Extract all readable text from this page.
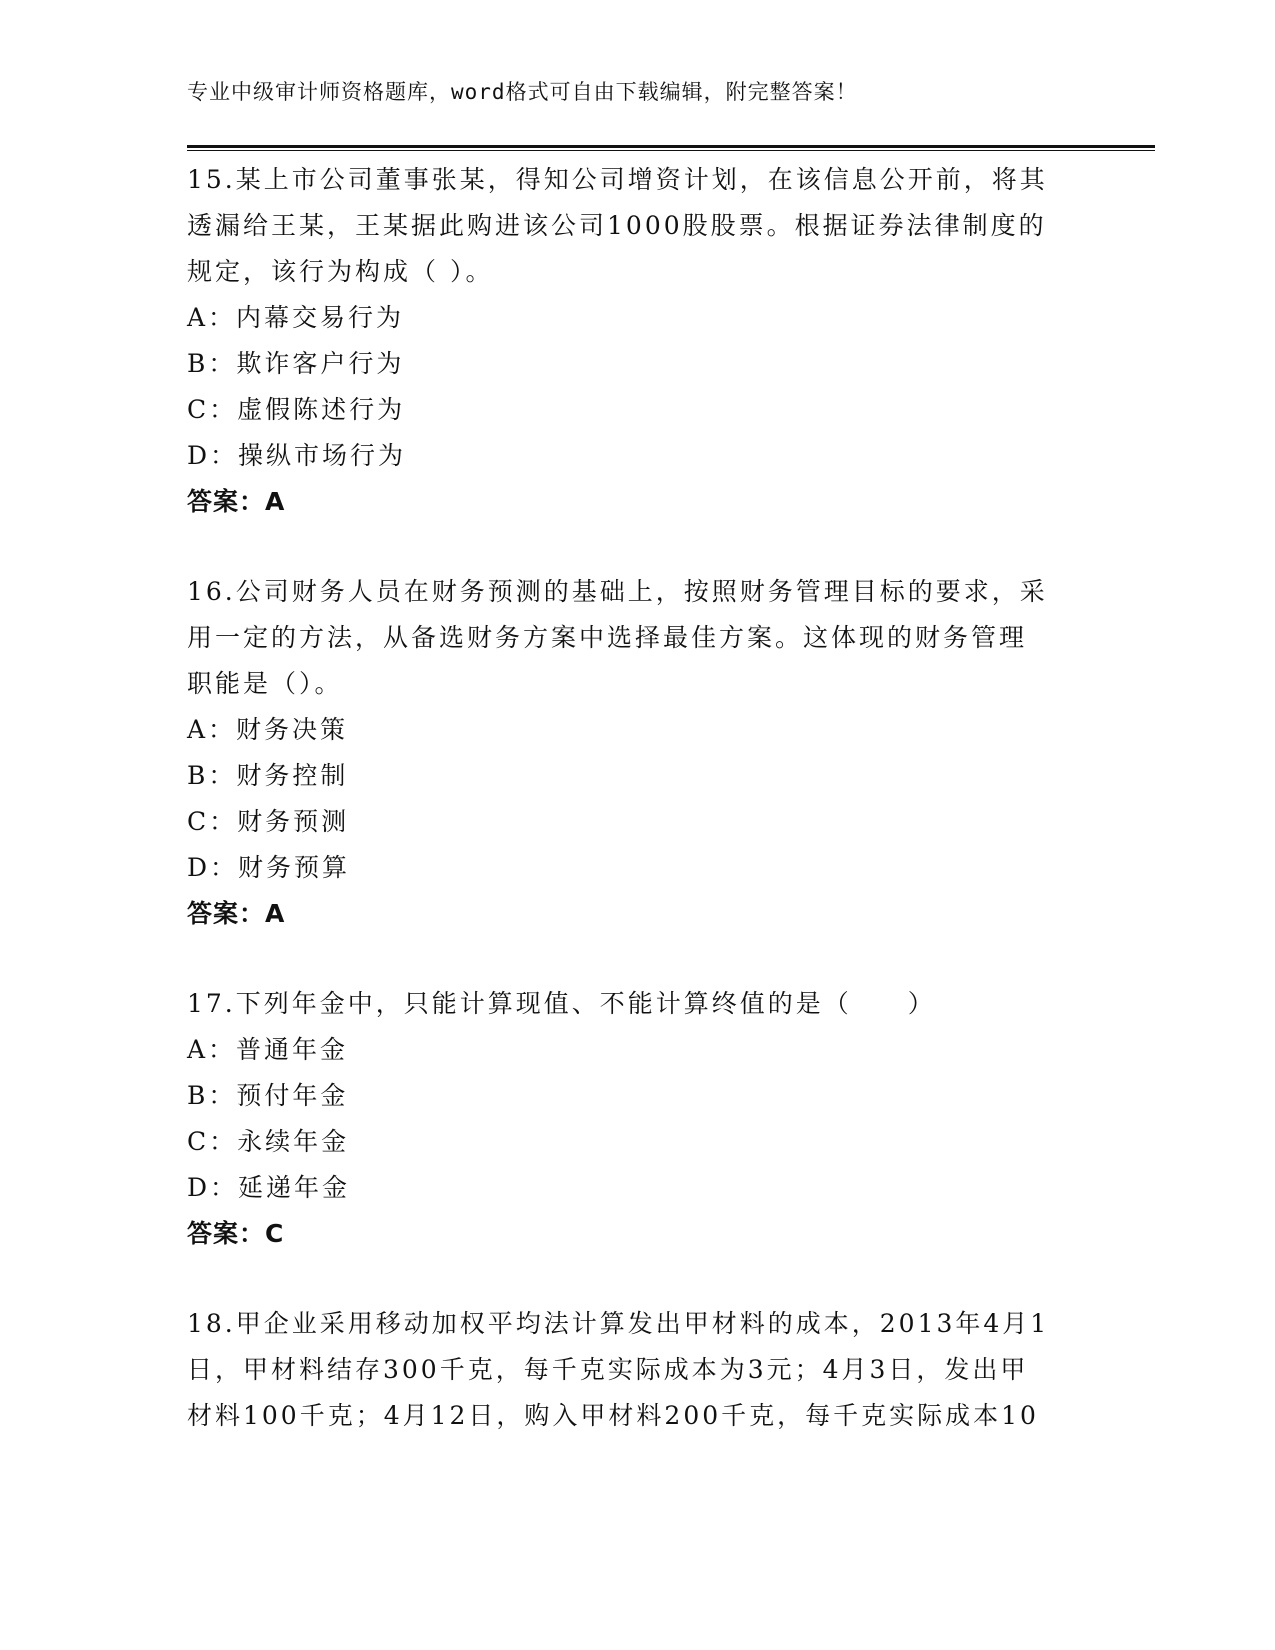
专业中级审计师资格题库，word格式可自由下载编辑，附完整答案！
15.某上市公司董事张某，得知公司增资计划，在该信息公开前，将其
透漏给王某，王某据此购进该公司1000股股票。根据证券法律制度的
规定，该行为构成（ ）。
A：内幕交易行为
B：欺诈客户行为
C：虚假陈述行为
D：操纵市场行为
答案：A
16.公司财务人员在财务预测的基础上，按照财务管理目标的要求，采
用一定的方法，从备选财务方案中选择最佳方案。这体现的财务管理
职能是（）。
A：财务决策
B：财务控制
C：财务预测
D：财务预算
答案：A
17.下列年金中，只能计算现值、不能计算终值的是（　　）
A：普通年金
B：预付年金
C：永续年金
D：延递年金
答案：C
18.甲企业采用移动加权平均法计算发出甲材料的成本，2013年4月1
日，甲材料结存300千克，每千克实际成本为3元；4月3日，发出甲
材料100千克；4月12日，购入甲材料200千克，每千克实际成本10
